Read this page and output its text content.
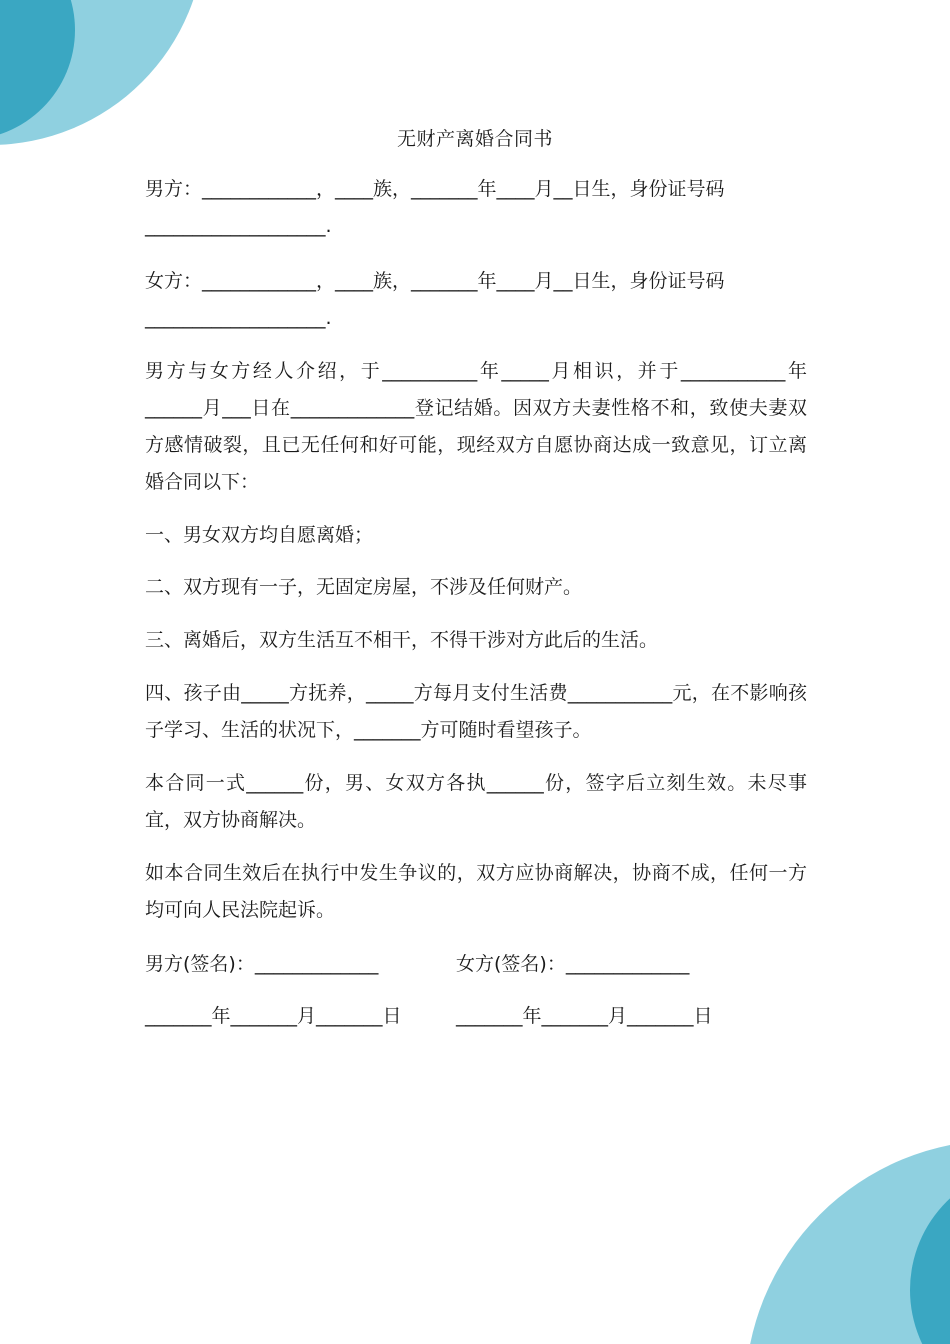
无财产离婚合同书

男方：____________，____族，_______年____月__日生，身份证号码___________________.

女方：____________，____族，_______年____月__日生，身份证号码___________________.

男方与女方经人介绍，于__________年_____月相识，并于___________年______月___日在_____________登记结婚。因双方夫妻性格不和，致使夫妻双方感情破裂，且已无任何和好可能，现经双方自愿协商达成一致意见，订立离婚合同以下：

一、男女双方均自愿离婚；

二、双方现有一子，无固定房屋，不涉及任何财产。

三、离婚后，双方生活互不相干，不得干涉对方此后的生活。

四、孩子由_____方抚养，_____方每月支付生活费___________元，在不影响孩子学习、生活的状况下，_______方可随时看望孩子。

本合同一式______份，男、女双方各执______份，签字后立刻生效。未尽事宜，双方协商解决。

如本合同生效后在执行中发生争议的，双方应协商解决，协商不成，任何一方均可向人民法院起诉。

男方(签名)：_____________	女方(签名)：_____________
_______年_______月_______日	_______年_______月_______日
